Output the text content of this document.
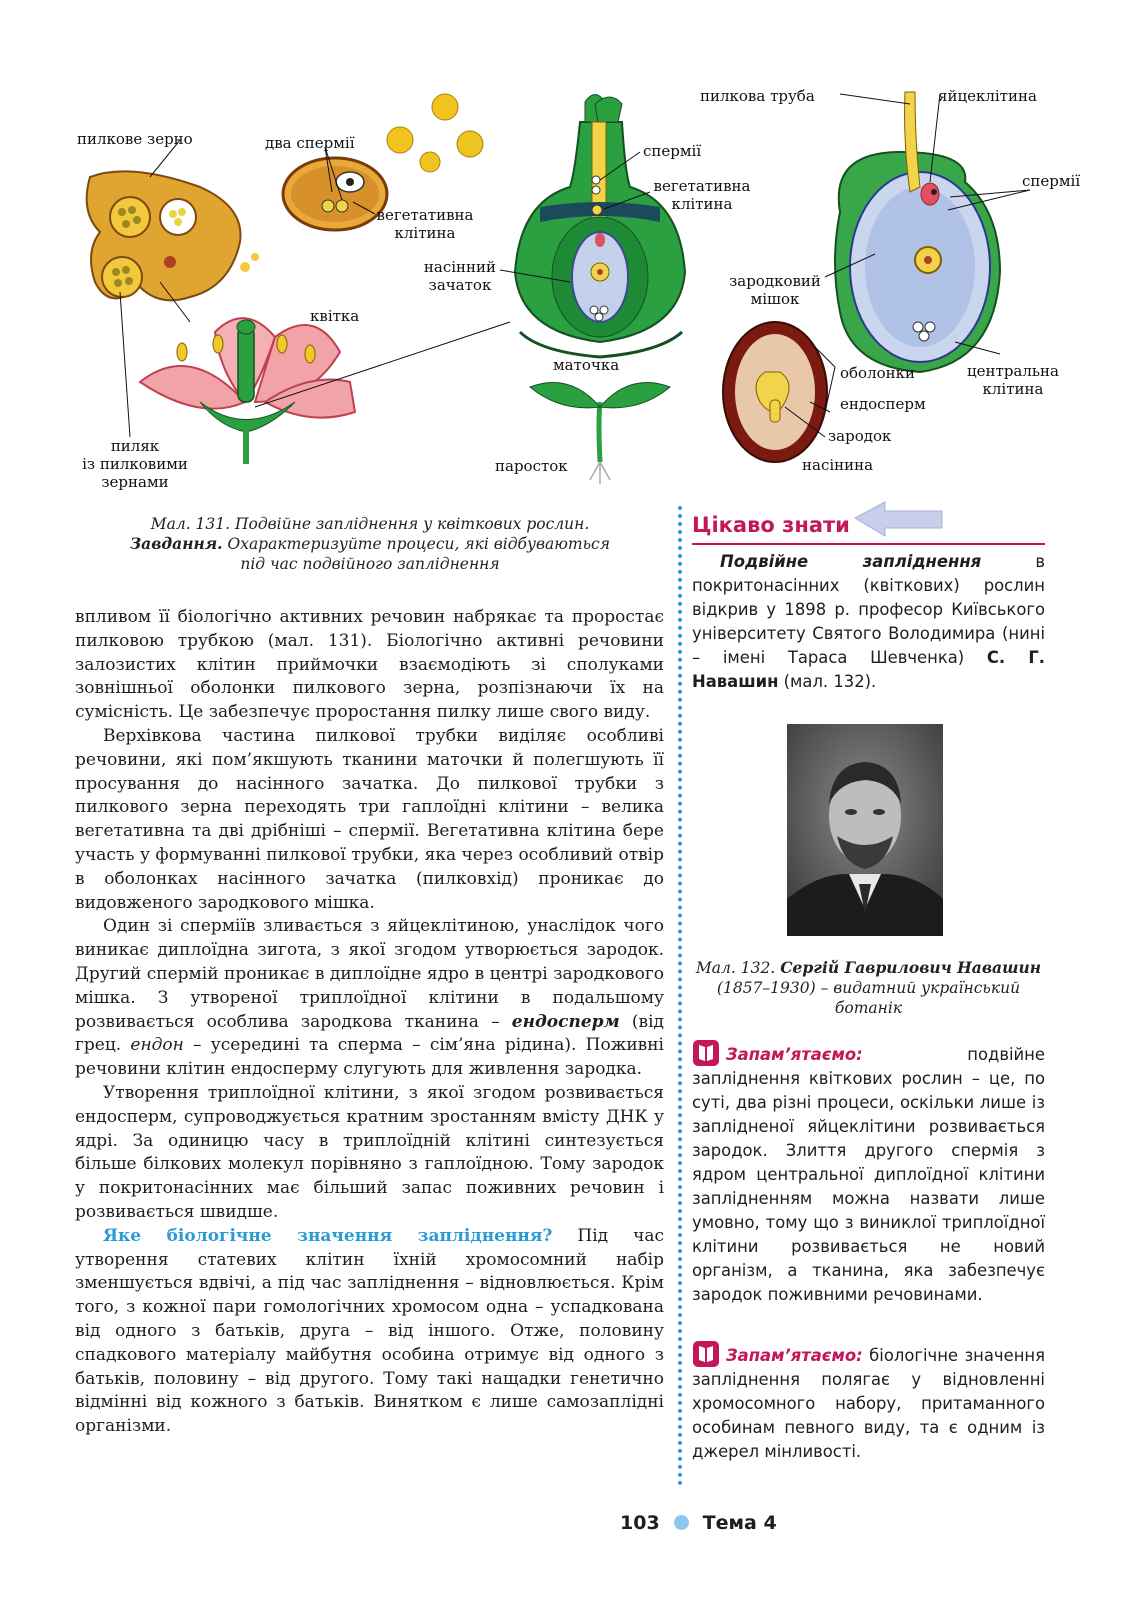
пилкове зерно	два спермії
вегетативна
клітина
квітка
пиляк
із пилковими
зернами
спермії
вегетативна
клітина
насінний
зачаток
маточка
паросток
пилкова труба	яйцеклітина
спермії
зародковий
мішок
центральна
клітина
оболонки
ендосперм
зародок
насінина
Мал. 131. Подвійне запліднення у квіткових рослин.
Завдання. Охарактеризуйте процеси, які відбуваються
під час подвійного запліднення

впливом її біологічно активних речовин набрякає та проростає пилковою трубкою (мал. 131). Біологічно активні речовини залозистих клітин приймочки взаємодіють зі сполуками зовнішньої оболонки пилкового зерна, розпізнаючи їх на сумісність. Це забезпечує проростання пилку лише свого виду.

Верхівкова частина пилкової трубки виділяє особливі речовини, які пом’якшують тканини маточки й полегшують її просування до насінного зачатка. До пилкової трубки з пилкового зерна переходять три гаплоїдні клітини – велика вегетативна та дві дрібніші – спермії. Вегетативна клітина бере участь у формуванні пилкової трубки, яка через особливий отвір в оболонках насінного зачатка (пилковхід) проникає до видовженого зародкового мішка.

Один зі сперміїв зливається з яйцеклітиною, унаслідок чого виникає диплоїдна зигота, з якої згодом утворюється зародок. Другий спермій проникає в диплоїдне ядро в центрі зародкового мішка. З утвореної триплоїдної клітини в подальшому розвивається особлива зародкова тканина – ендосперм (від грец. ендон – усередині та сперма – сім’яна рідина). Поживні речовини клітин ендосперму слугують для живлення зародка.

Утворення триплоїдної клітини, з якої згодом розвивається ендосперм, супроводжується кратним зростанням вмісту ДНК у ядрі. За одиницю часу в триплоїдній клітині синтезується більше білкових молекул порівняно з гаплоїдною. Тому зародок у покритонасінних має більший запас поживних речовин і розвивається швидше.

Яке біологічне значення запліднення? Під час утворення статевих клітин їхній хромосомний набір зменшується вдвічі, а під час запліднення – відновлюється. Крім того, з кожної пари гомологічних хромосом одна – успадкована від одного з батьків, друга – від іншого. Отже, половину спадкового матеріалу майбутня особина отримує від одного з батьків, половину – від другого. Тому такі нащадки генетично відмінні від кожного з батьків. Винятком є лише самозаплідні організми.

Цікаво знати

Подвійне запліднення в покритонасінних (квіткових) рослин відкрив у 1898 р. професор Київського університету Святого Володимира (нині – імені Тараса Шевченка) С. Г. Навашин (мал. 132).

Мал. 132. Сергій Гаврилович Навашин (1857–1930) – видатний український ботанік
Запам’ятаємо: подвійне запліднення квіткових рослин – це, по суті, два різні процеси, оскільки лише із заплідненої яйцеклітини розвивається зародок. Злиття другого спермія з ядром центральної диплоїдної клітини заплідненням можна назвати лише умовно, тому що з виниклої триплоїдної клітини розвивається не новий організм, а тканина, яка забезпечує зародок поживними речовинами.
Запам’ятаємо: біологічне значення запліднення полягає у відновленні хромосомного набору, притаманного особинам певного виду, та є одним із джерел мінливості.
103 Тема 4
